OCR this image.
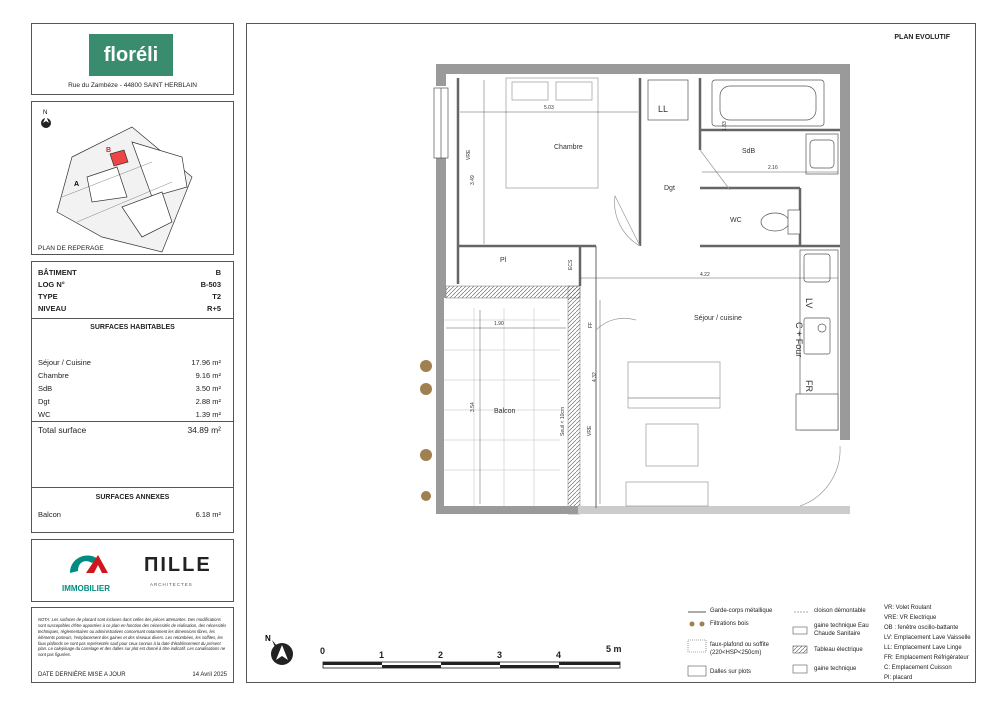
floréli
Rue du Zambèze - 44800 SAINT HERBLAIN
N
A
B
PLAN DE REPERAGE
BÂTIMENT	B
LOG N°	B-503
TYPE	T2
NIVEAU	R+5
SURFACES HABITABLES
Séjour / Cuisine	17.96 m²
Chambre	9.16 m²
SdB	3.50 m²
Dgt	2.88 m²
WC	1.39 m²
Total surface	34.89 m²
SURFACES ANNEXES
Balcon	6.18 m²
IMMOBILIER
ПILLE
ARCHITECTES
NOTA: Les surfaces de placard sont incluses dans celles des pièces attenantes. Des modifications sont susceptibles d'être apportées à ce plan en fonction des nécessités de réalisation, des nécessités techniques, réglementaires ou administratives concernant notamment les dimensions libres, les éléments porteurs, l'emplacement des gaines et des réseaux divers. Les retombées, les soffites, les faux plafonds ne sont pas représentés sauf pour ceux connus à la date d'établissement du présent plan. Le calepinage du carrelage et des dalles sur plot est donné à titre indicatif. Les canalisations ne sont pas figurées.
DATE DERNIÈRE MISE A JOUR	14 Avril 2025
PLAN EVOLUTIF
Chambre
SdB
Dgt
WC
Séjour / cuisine
Balcon
Pl
LL
LV
C + Four
FR
5.03
3.49
1.83
2.16
4.22
4.32
1.90
3.54
VRE
VRE
ECS
FF
Seuil < 10cm
N
0	1	2	3	4
5 m
Garde-corps métallique
Filtrations bois
faux-plafond ou soffite (220<HSP<250cm)
Dalles sur plots
cloison démontable
gaine technique Eau Chaude Sanitaire
Tableau électrique
gaine technique
VR: Volet Roulant
VRE: VR Electrique
OB : fenêtre oscillo-battante
LV: Emplacement Lave Vaisselle
LL: Emplacement Lave Linge
FR: Emplacement Réfrigérateur
C: Emplacement Cuisson
Pl: placard
